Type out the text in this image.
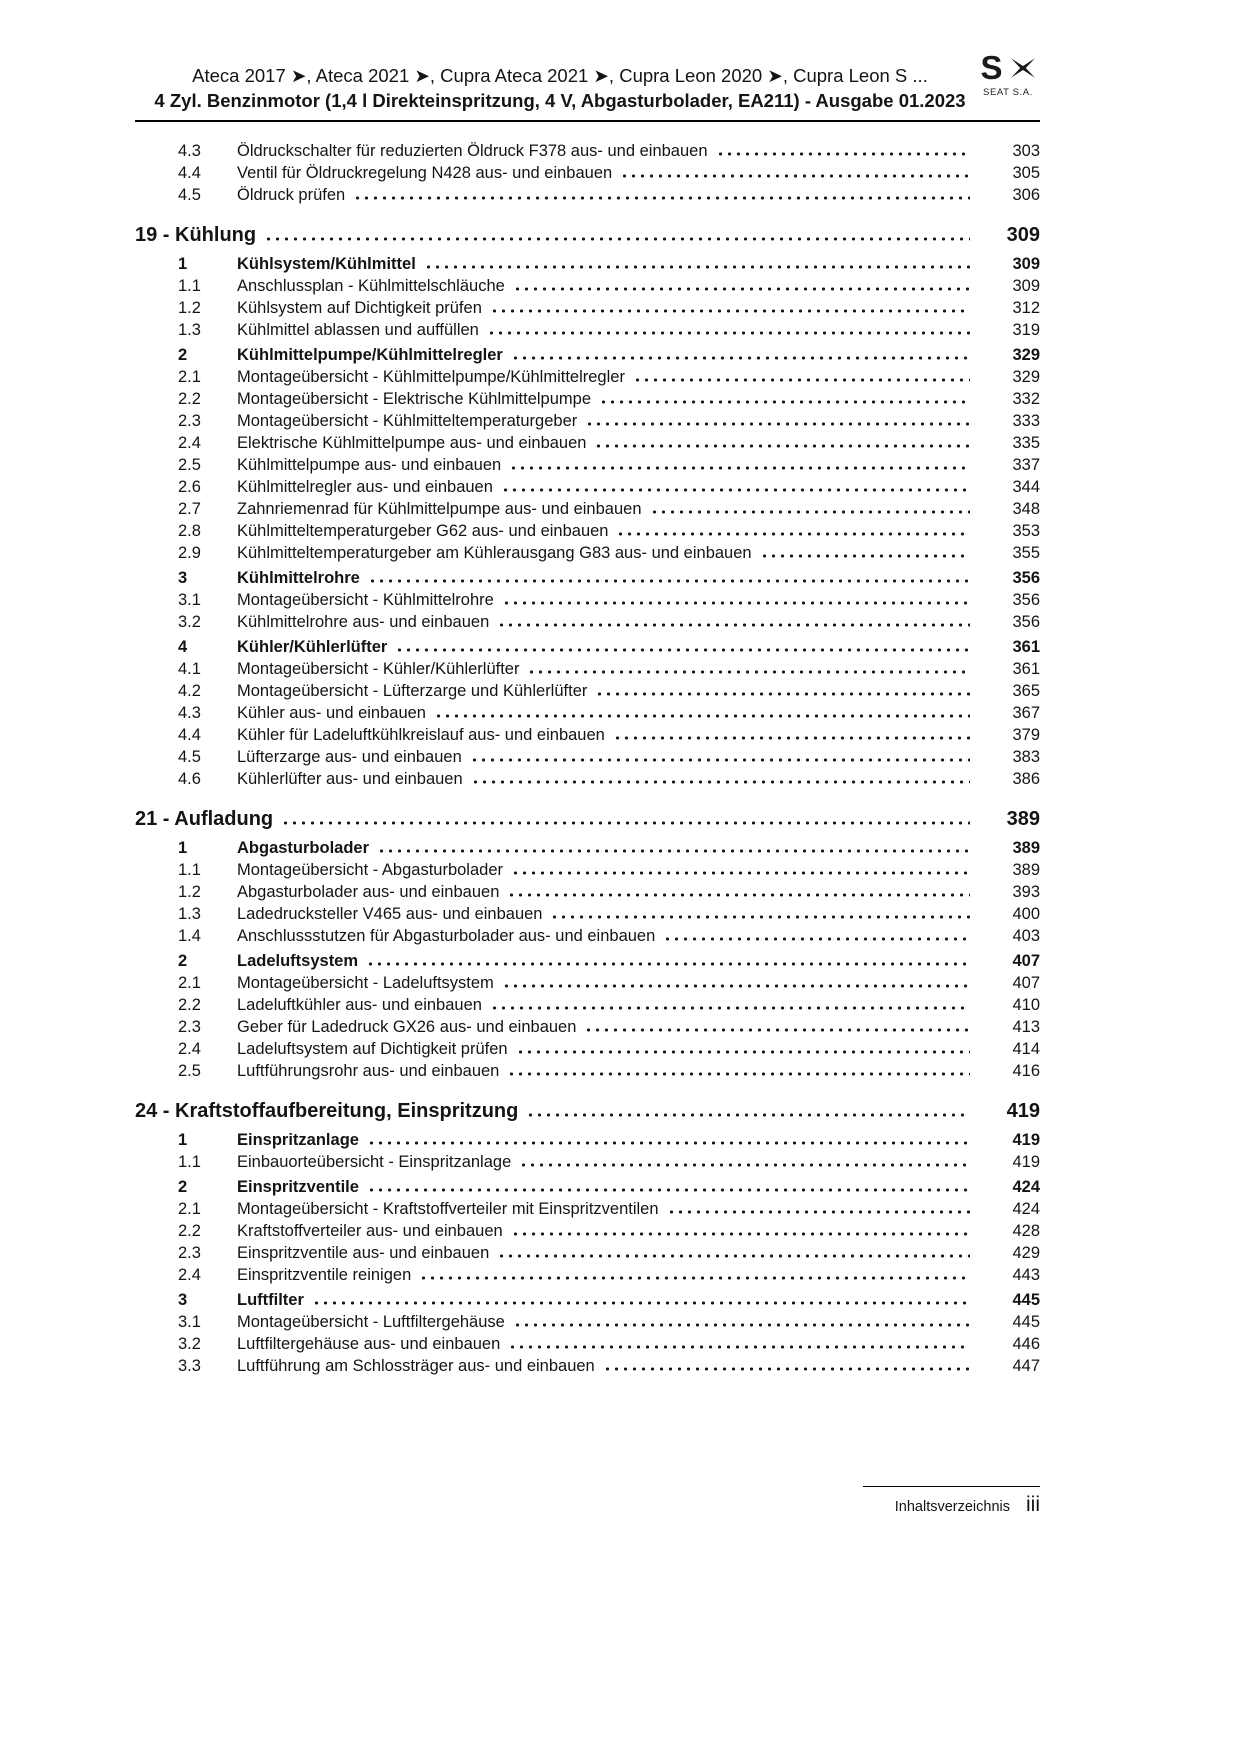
S
SEAT S.A.
Ateca 2017 ➤, Ateca 2021 ➤, Cupra Ateca 2021 ➤, Cupra Leon 2020 ➤, Cupra Leon S ...
4 Zyl. Benzinmotor (1,4 l Direkteinspritzung, 4 V, Abgasturbolader, EA211) - Ausgabe 01.2023
4.3	Öldruckschalter für reduzierten Öldruck F378 aus- und einbauen	303
4.4	Ventil für Öldruckregelung N428 aus- und einbauen	305
4.5	Öldruck prüfen	306
19 - Kühlung	309
1	Kühlsystem/Kühlmittel	309
1.1	Anschlussplan - Kühlmittelschläuche	309
1.2	Kühlsystem auf Dichtigkeit prüfen	312
1.3	Kühlmittel ablassen und auffüllen	319
2	Kühlmittelpumpe/Kühlmittelregler	329
2.1	Montageübersicht - Kühlmittelpumpe/Kühlmittelregler	329
2.2	Montageübersicht - Elektrische Kühlmittelpumpe	332
2.3	Montageübersicht - Kühlmitteltemperaturgeber	333
2.4	Elektrische Kühlmittelpumpe aus- und einbauen	335
2.5	Kühlmittelpumpe aus- und einbauen	337
2.6	Kühlmittelregler aus- und einbauen	344
2.7	Zahnriemenrad für Kühlmittelpumpe aus- und einbauen	348
2.8	Kühlmitteltemperaturgeber G62 aus- und einbauen	353
2.9	Kühlmitteltemperaturgeber am Kühlerausgang G83 aus- und einbauen	355
3	Kühlmittelrohre	356
3.1	Montageübersicht - Kühlmittelrohre	356
3.2	Kühlmittelrohre aus- und einbauen	356
4	Kühler/Kühlerlüfter	361
4.1	Montageübersicht - Kühler/Kühlerlüfter	361
4.2	Montageübersicht - Lüfterzarge und Kühlerlüfter	365
4.3	Kühler aus- und einbauen	367
4.4	Kühler für Ladeluftkühlkreislauf aus- und einbauen	379
4.5	Lüfterzarge aus- und einbauen	383
4.6	Kühlerlüfter aus- und einbauen	386
21 - Aufladung	389
1	Abgasturbolader	389
1.1	Montageübersicht - Abgasturbolader	389
1.2	Abgasturbolader aus- und einbauen	393
1.3	Ladedrucksteller V465 aus- und einbauen	400
1.4	Anschlussstutzen für Abgasturbolader aus- und einbauen	403
2	Ladeluftsystem	407
2.1	Montageübersicht - Ladeluftsystem	407
2.2	Ladeluftkühler aus- und einbauen	410
2.3	Geber für Ladedruck GX26 aus- und einbauen	413
2.4	Ladeluftsystem auf Dichtigkeit prüfen	414
2.5	Luftführungsrohr aus- und einbauen	416
24 - Kraftstoffaufbereitung, Einspritzung	419
1	Einspritzanlage	419
1.1	Einbauorteübersicht - Einspritzanlage	419
2	Einspritzventile	424
2.1	Montageübersicht - Kraftstoffverteiler mit Einspritzventilen	424
2.2	Kraftstoffverteiler aus- und einbauen	428
2.3	Einspritzventile aus- und einbauen	429
2.4	Einspritzventile reinigen	443
3	Luftfilter	445
3.1	Montageübersicht - Luftfiltergehäuse	445
3.2	Luftfiltergehäuse aus- und einbauen	446
3.3	Luftführung am Schlossträger aus- und einbauen	447
Inhaltsverzeichnis iii
